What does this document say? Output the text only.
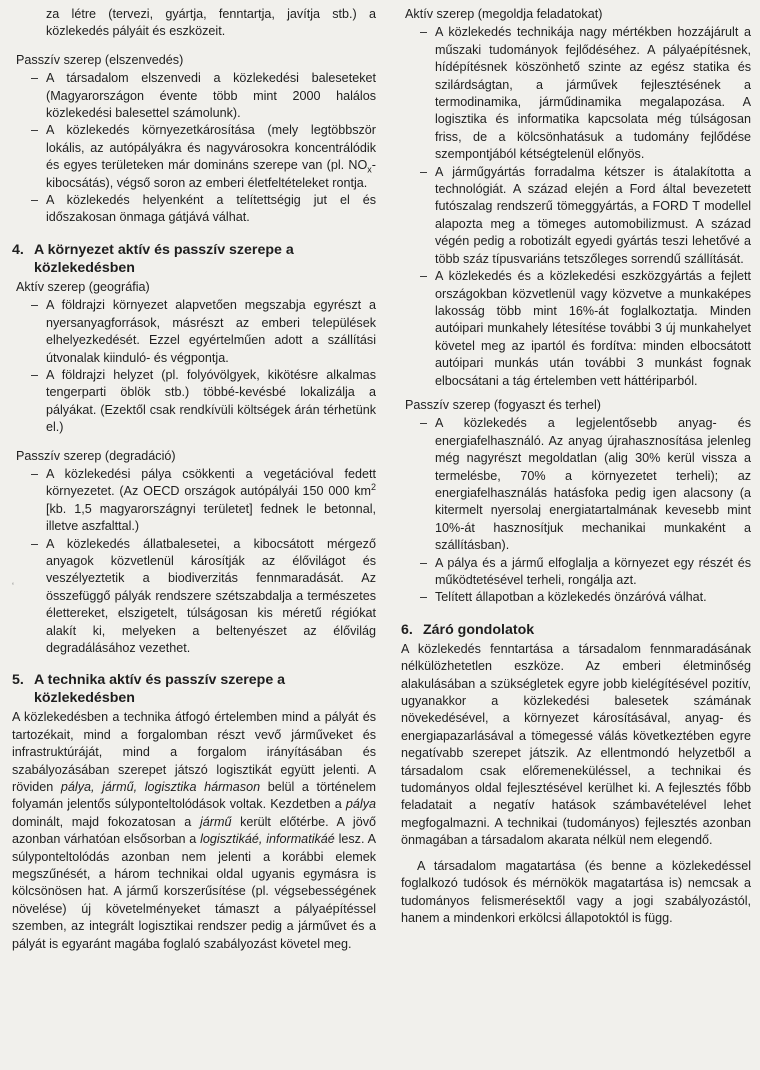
‘

za létre (tervezi, gyártja, fenntartja, javítja stb.) a közlekedés pályáit és eszközeit.

Passzív szerep (elszenvedés)

– A társadalom elszenvedi a közlekedési baleseteket (Magyarországon évente több mint 2000 halálos közlekedési balesettel számolunk).
– A közlekedés környezetkárosítása (mely legtöbbször lokális, az autópályákra és nagyvárosokra koncentrálódik és egyes területeken már domináns szerepe van (pl. $NO_x-kibocsátás$), végső soron az emberi életfeltételeket rontja.
– A közlekedés helyenként a telítettségig jut el és időszakosan önmaga gátjává válhat.
4. A környezet aktív és passzív szerepe a közlekedésben

Aktív szerep (geográfia)

– A földrajzi környezet alapvetően megszabja egyrészt a nyersanyagforrások, másrészt az emberi települések elhelyezkedését. Ezzel egyértelműen adott a szállítási útvonalak kiinduló- és végpontja.
– A földrajzi helyzet (pl. folyóvölgyek, kikötésre alkalmas tengerparti öblök stb.) többé-kevésbé lokalizálja a pályákat. (Ezektől csak rendkívüli költségek árán térhetünk el.)

Passzív szerep (degradáció)

– A közlekedési pálya csökkenti a vegetációval fedett környezetet. (Az OECD országok autópályái 150 000 $km^2$ [kb. 1,5 magyarországnyi területet] fednek le betonnal, illetve aszfalttal.)
– A közlekedés állatbalesetei, a kibocsátott mérgező anyagok közvetlenül károsítják az élővilágot és veszélyeztetik a biodiverzitás fennmaradását. Az összefüggő pályák rendszere szétszabdalja a természetes élettereket, elszigetelt, túlságosan kis méretű régiókat alakít ki, melyeken a beltenyészet az élővilág degradálásához vezethet.
5. A technika aktív és passzív szerepe a közlekedésben

A közlekedésben a technika átfogó értelemben mind a pályát és tartozékait, mind a forgalomban részt vevő járműveket és infrastruktúráját, mind a forgalom irányításában és szabályozásában szerepet játszó logisztikát együtt jelenti. A röviden pálya, jármű, logisztika hármason belül a történelem folyamán jelentős súlyponteltolódások voltak. Kezdetben a pálya dominált, majd fokozatosan a jármű került előtérbe. A jövő azonban várhatóan elsősorban a logisztikáé, informatikáé lesz. A súlyponteltolódás azonban nem jelenti a korábbi elemek megszűnését, a három technikai oldal ugyanis egymásra is kölcsönösen hat. A jármű korszerűsítése (pl. végsebességének növelése) új követelményeket támaszt a pályaépítéssel szemben, az integrált logisztikai rendszer pedig a járművet és a pályát is egyaránt magába foglaló szabályozást követel meg.

Aktív szerep (megoldja feladatokat)

– A közlekedés technikája nagy mértékben hozzájárult a műszaki tudományok fejlődéséhez. A pályaépítésnek, hídépítésnek köszönhető szinte az egész statika és szilárdságtan, a járművek fejlesztésének a termodinamika, járműdinamika megalapozása. A logisztika és informatika kapcsolata még túlságosan friss, de a kölcsönhatásuk a tudomány fejlődése szempontjából kétségtelenül előnyös.
– A járműgyártás forradalma kétszer is átalakította a technológiát. A század elején a Ford által bevezetett futószalag rendszerű tömeggyártás, a FORD T modellel alapozta meg a tömeges automobilizmust. A század végén pedig a robotizált egyedi gyártás teszi lehetővé a több száz típusvariáns tetszőleges sorrendű szállítását.
– A közlekedés és a közlekedési eszközgyártás a fejlett országokban közvetlenül vagy közvetve a munkaképes lakosság több mint 16%-át foglalkoztatja. Minden autóipari munkahely létesítése további 3 új munkahelyet követel meg az ipartól és fordítva: minden elbocsátott autóipari munkás után további 3 munkást fognak elbocsátani a tág értelemben vett háttériparból.

Passzív szerep (fogyaszt és terhel)

– A közlekedés a legjelentősebb anyag- és energiafelhasználó. Az anyag újrahasznosítása jelenleg még nagyrészt megoldatlan (alig 30% kerül vissza a termelésbe, 70% a környezetet terheli); az energiafelhasználás hatásfoka pedig igen alacsony (a kitermelt nyersolaj energiatartalmának kevesebb mint 10%-át hasznosítjuk mechanikai munkaként a szállításban).
– A pálya és a jármű elfoglalja a környezet egy részét és működtetésével terheli, rongálja azt.
– Telített állapotban a közlekedés önzáróvá válhat.
6. Záró gondolatok

A közlekedés fenntartása a társadalom fennmaradásának nélkülözhetetlen eszköze. Az emberi életminőség alakulásában a szükségletek egyre jobb kielégítésével pozitív, ugyanakkor a közlekedési balesetek számának növekedésével, a környezet károsításával, anyag- és energiapazarlásával a tömegessé válás következtében egyre negatívabb szerepet játszik. Az ellentmondó helyzetből a társadalom csak előremeneküléssel, a technikai és tudományos oldal fejlesztésével kerülhet ki. A fejlesztés főbb feladatait a negatív hatások számbavételével lehet megfogalmazni. A technikai (tudományos) fejlesztés azonban önmagában a társadalom akarata nélkül nem elegendő.

A társadalom magatartása (és benne a közlekedéssel foglalkozó tudósok és mérnökök magatartása is) nemcsak a tudományos felismerésektől vagy a jogi szabályozástól, hanem a mindenkori erkölcsi állapotoktól is függ.
